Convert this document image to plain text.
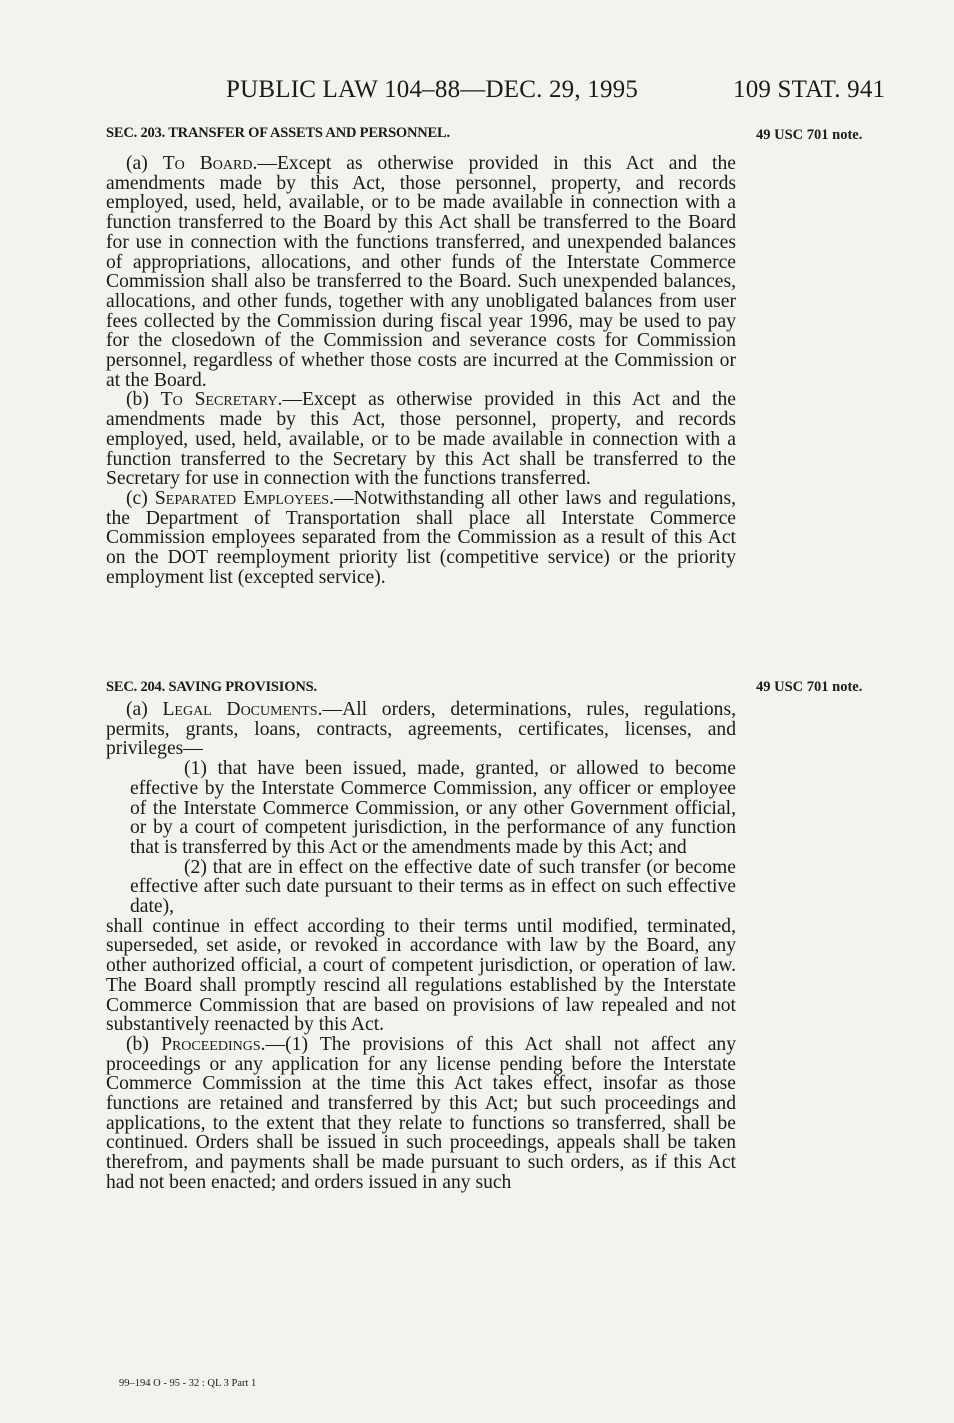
PUBLIC LAW 104–88—DEC. 29, 1995	109 STAT. 941
SEC. 203. TRANSFER OF ASSETS AND PERSONNEL.	49 USC 701 note.

(a) To Board.—Except as otherwise provided in this Act and the amendments made by this Act, those personnel, property, and records employed, used, held, available, or to be made available in connection with a function transferred to the Board by this Act shall be transferred to the Board for use in connection with the functions transferred, and unexpended balances of appropriations, allocations, and other funds of the Interstate Commerce Commission shall also be transferred to the Board. Such unexpended balances, allocations, and other funds, together with any unobligated balances from user fees collected by the Commission during fiscal year 1996, may be used to pay for the closedown of the Commission and severance costs for Commission personnel, regardless of whether those costs are incurred at the Commission or at the Board.

(b) To Secretary.—Except as otherwise provided in this Act and the amendments made by this Act, those personnel, property, and records employed, used, held, available, or to be made available in connection with a function transferred to the Secretary by this Act shall be transferred to the Secretary for use in connection with the functions transferred.

(c) Separated Employees.—Notwithstanding all other laws and regulations, the Department of Transportation shall place all Interstate Commerce Commission employees separated from the Commission as a result of this Act on the DOT reemployment priority list (competitive service) or the priority employment list (excepted service).

SEC. 204. SAVING PROVISIONS.	49 USC 701 note.

(a) Legal Documents.—All orders, determinations, rules, regulations, permits, grants, loans, contracts, agreements, certificates, licenses, and privileges—

(1) that have been issued, made, granted, or allowed to become effective by the Interstate Commerce Commission, any officer or employee of the Interstate Commerce Commission, or any other Government official, or by a court of competent jurisdiction, in the performance of any function that is transferred by this Act or the amendments made by this Act; and

(2) that are in effect on the effective date of such transfer (or become effective after such date pursuant to their terms as in effect on such effective date),

shall continue in effect according to their terms until modified, terminated, superseded, set aside, or revoked in accordance with law by the Board, any other authorized official, a court of competent jurisdiction, or operation of law. The Board shall promptly rescind all regulations established by the Interstate Commerce Commission that are based on provisions of law repealed and not substantively reenacted by this Act.

(b) Proceedings.—(1) The provisions of this Act shall not affect any proceedings or any application for any license pending before the Interstate Commerce Commission at the time this Act takes effect, insofar as those functions are retained and transferred by this Act; but such proceedings and applications, to the extent that they relate to functions so transferred, shall be continued. Orders shall be issued in such proceedings, appeals shall be taken therefrom, and payments shall be made pursuant to such orders, as if this Act had not been enacted; and orders issued in any such

99–194 O - 95 - 32 : QL 3 Part 1
